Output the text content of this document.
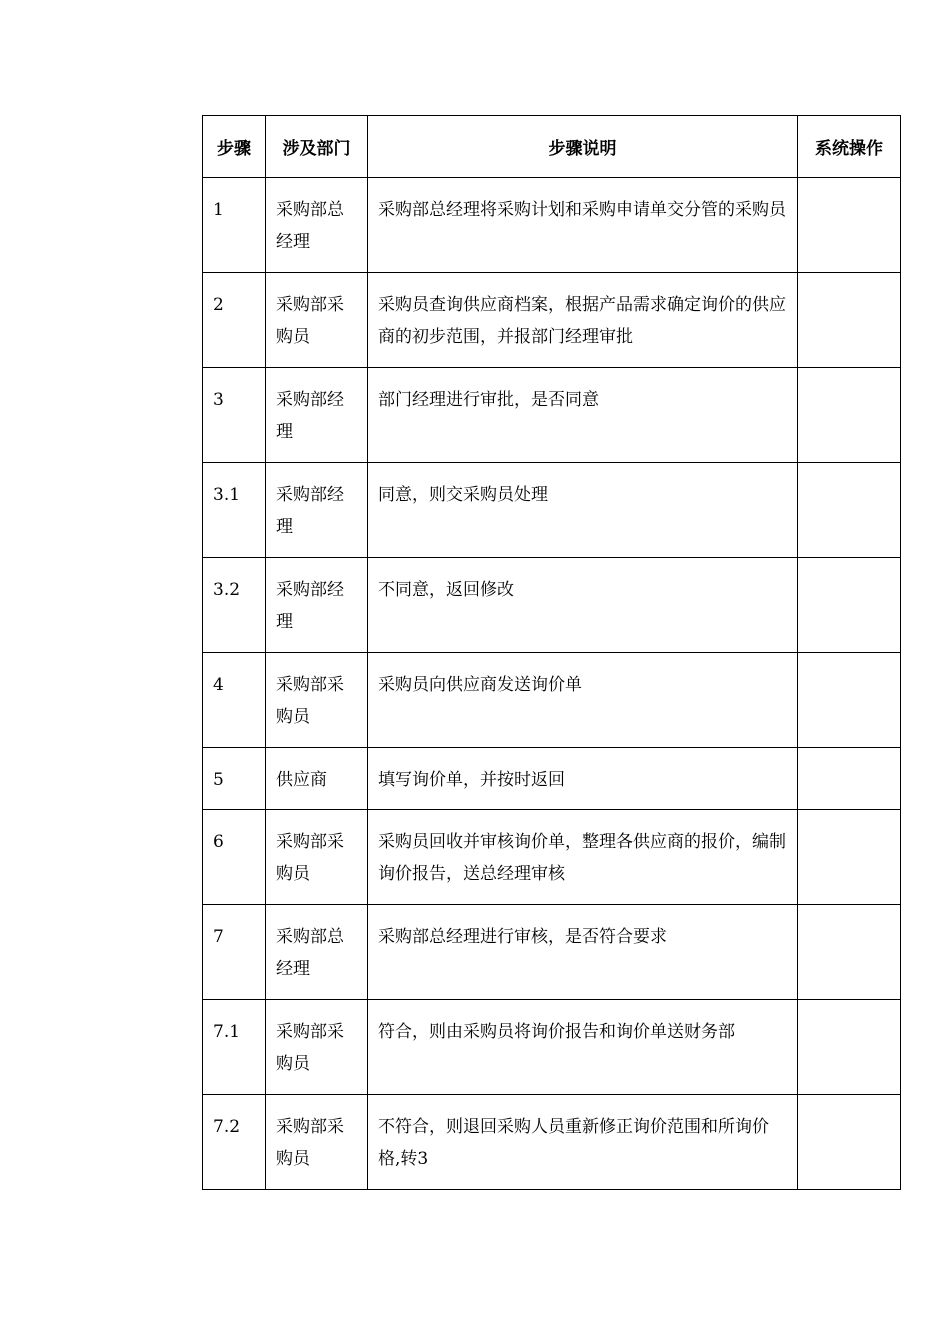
步骤	涉及部门	步骤说明	系统操作
1	采购部总经理	采购部总经理将采购计划和采购申请单交分管的采购员	
2	采购部采购员	采购员查询供应商档案，根据产品需求确定询价的供应商的初步范围，并报部门经理审批	
3	采购部经理	部门经理进行审批，是否同意	
3.1	采购部经理	同意，则交采购员处理	
3.2	采购部经理	不同意，返回修改	
4	采购部采购员	采购员向供应商发送询价单	
5	供应商	填写询价单，并按时返回	
6	采购部采购员	采购员回收并审核询价单，整理各供应商的报价，编制询价报告，送总经理审核	
7	采购部总经理	采购部总经理进行审核，是否符合要求	
7.1	采购部采购员	符合，则由采购员将询价报告和询价单送财务部	
7.2	采购部采购员	不符合，则退回采购人员重新修正询价范围和所询价格,转3	
